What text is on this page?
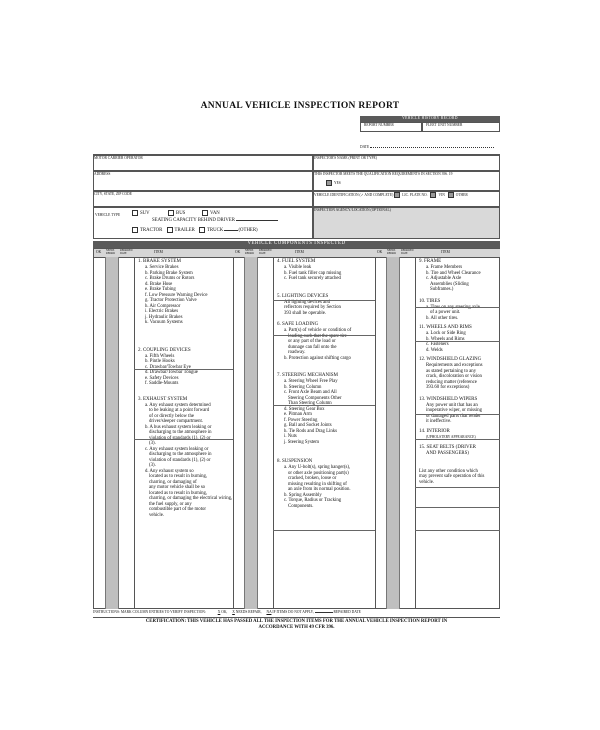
ANNUAL VEHICLE INSPECTION REPORT
VEHICLE HISTORY RECORD
REPORT NUMBER	FLEET UNIT NUMBER
DATE
MOTOR CARRIER OPERATOR
ADDRESS
CITY, STATE, ZIP CODE
VEHICLE TYPE	SUV	BUS	VAN
SEATING CAPACITY BEHIND DRIVER
TRACTOR	TRAILER	TRUCK	(OTHER)
INSPECTOR'S NAME (PRINT OR TYPE)
THIS INSPECTOR MEETS THE QUALIFICATION REQUIREMENTS IN SECTION 396. 19
YES
VEHICLE IDENTIFICATION (✓ AND COMPLETE) LIC. PLATE NO.	VIN	OTHER
INSPECTION AGENCY/LOCATION (OPTIONAL)
VEHICLE COMPONENTS INSPECTED
OK NEEDS REPAIR
REPAIRED DATE	ITEM
1. BRAKE SYSTEM
a. Service Brakes
b. Parking Brake System
c. Brake Drums or Rotors
d. Brake Hose
e. Brake Tubing
f. Low Pressure Warning Device
g. Tractor Protection Valve
h. Air Compressor
i. Electric Brakes
j. Hydraulic Brakes
k. Vacuum Systems
2. COUPLING DEVICES
a. Fifth Wheels
b. Pintle Hooks
c. Drawbar/Towbar Eye
d. Drawbar/Towbar Tongue
e. Safety Devices
f. Saddle-Mounts
3. EXHAUST SYSTEM
a. Any exhaust system determined
to be leaking at a point forward
of or directly below the
driver/sleeper compartment.
b. A bus exhaust system leaking or
discharging to the atmosphere in
violation of standards (1), (2) or
(3).
c. Any exhaust system leaking or
discharging to the atmosphere in
violation of standards (1), (2) or
(3).
d. Any exhaust system so
located as to result in burning,
charring, or damaging of
any motor vehicle shall be so
located as to result in burning,
charring, or damaging the electrical wiring,
the fuel supply, or any
combustible part of the motor
vehicle.
OK NEEDS REPAIR
REPAIRED DATE	ITEM
4. FUEL SYSTEM
a. Visible leak
b. Fuel tank filler cap missing
c. Fuel tank securely attached
5. LIGHTING DEVICES
All lighting devices and
reflectors required by Section
393 shall be operable.
6. SAFE LOADING
a. Part(s) of vehicle or condition of
loading such that the spare tire
or any part of the load or
dunnage can fall onto the
roadway.
b. Protection against shifting cargo
7. STEERING MECHANISM
a. Steering Wheel Free Play
b. Steering Column
c. Front Axle Beam and All
Steering Components Other
Than Steering Column
d. Steering Gear Box
e. Pitman Arm
f. Power Steering
g. Ball and Socket Joints
h. Tie Rods and Drag Links
i. Nuts
j. Steering System
8. SUSPENSION
a. Any U-bolt(s), spring hanger(s),
or other axle positioning part(s)
cracked, broken, loose or
missing resulting in shifting of
an axle from its normal position.
b. Spring Assembly
c. Torque, Radius or Tracking
Components.
OK NEEDS REPAIR
REPAIRED DATE	ITEM
9. FRAME
a. Frame Members
b. Tire and Wheel Clearance
c. Adjustable Axle
Assemblies (Sliding
Subframes.)
10. TIRES
a. Tires on any steering axle
of a power unit.
b. All other tires.
11. WHEELS AND RIMS
a. Lock or Side Ring
b. Wheels and Rims
c. Fasteners
d. Welds
12. WINDSHIELD GLAZING
Requirements and exceptions
as stated pertaining to any
crack, discoloration or vision
reducing matter (reference
393.60 for exceptions)
13. WINDSHIELD WIPERS
Any power unit that has an
inoperative wiper, or missing
or damaged parts that render
it ineffective.
14. INTERIOR
(UPHOLSTERY APPEARANCE)
15. SEAT BELTS (DRIVER
AND PASSENGERS)
List any other condition which
may prevent safe operation of this
vehicle.
INSTRUCTIONS: MARK COLUMN ENTRIES TO VERIFY INSPECTION:	X OK, X NEEDS REPAIR, NA IF ITEMS DO NOT APPLY,	REPAIRED DATE
CERTIFICATION: THIS VEHICLE HAS PASSED ALL THE INSPECTION ITEMS FOR THE ANNUAL VEHICLE INSPECTION REPORT IN
ACCORDANCE WITH 49 CFR 396.
